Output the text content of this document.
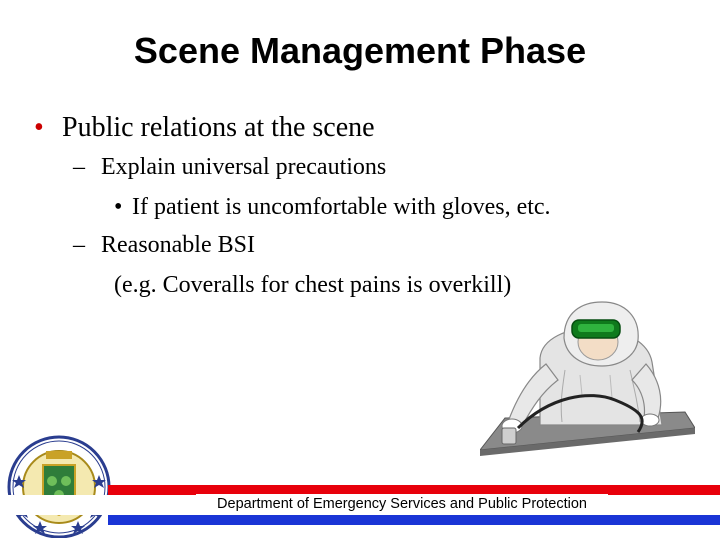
Scene Management Phase
• Public relations at the scene
– Explain universal precautions
• If patient is uncomfortable with gloves, etc.
– Reasonable BSI
(e.g. Coveralls for chest pains is overkill)
Department of Emergency Services and Public Protection
